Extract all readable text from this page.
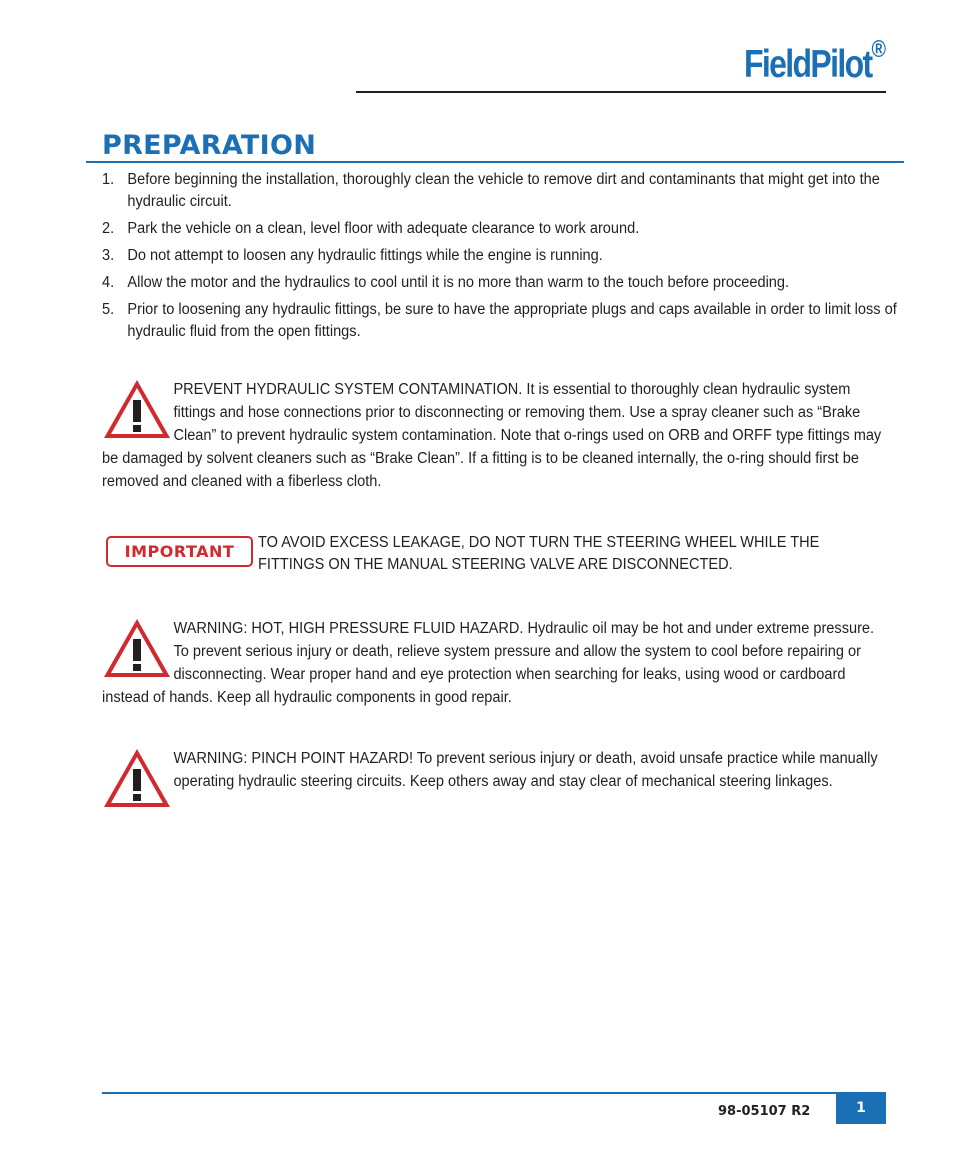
FieldPilot®
PREPARATION
1. Before beginning the installation, thoroughly clean the vehicle to remove dirt and contaminants that might get into the hydraulic circuit.
2. Park the vehicle on a clean, level floor with adequate clearance to work around.
3. Do not attempt to loosen any hydraulic fittings while the engine is running.
4. Allow the motor and the hydraulics to cool until it is no more than warm to the touch before proceeding.
5. Prior to loosening any hydraulic fittings, be sure to have the appropriate plugs and caps available in order to limit loss of hydraulic fluid from the open fittings.
PREVENT HYDRAULIC SYSTEM CONTAMINATION. It is essential to thoroughly clean hydraulic system fittings and hose connections prior to disconnecting or removing them. Use a spray cleaner such as “Brake Clean” to prevent hydraulic system contamination. Note that o-rings used on ORB and ORFF type fittings may be damaged by solvent cleaners such as “Brake Clean”. If a fitting is to be cleaned internally, the o-ring should first be removed and cleaned with a fiberless cloth.
IMPORTANT	TO AVOID EXCESS LEAKAGE, DO NOT TURN THE STEERING WHEEL WHILE THE FITTINGS ON THE MANUAL STEERING VALVE ARE DISCONNECTED.
WARNING: HOT, HIGH PRESSURE FLUID HAZARD. Hydraulic oil may be hot and under extreme pressure. To prevent serious injury or death, relieve system pressure and allow the system to cool before repairing or disconnecting. Wear proper hand and eye protection when searching for leaks, using wood or cardboard instead of hands. Keep all hydraulic components in good repair.
WARNING: PINCH POINT HAZARD! To prevent serious injury or death, avoid unsafe practice while manually operating hydraulic steering circuits. Keep others away and stay clear of mechanical steering linkages.
98-05107 R2	1
